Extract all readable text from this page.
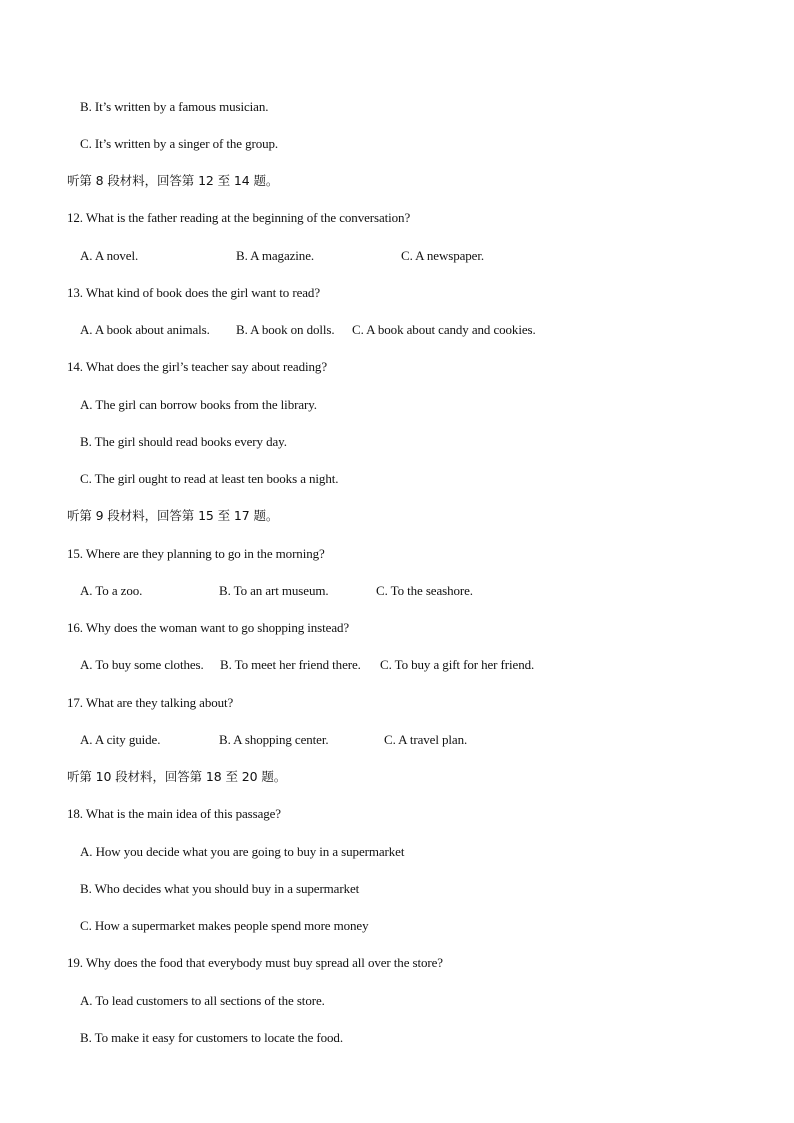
B. It’s written by a famous musician.
C. It’s written by a singer of the group.
听第 8 段材料，回答第 12 至 14 题。
12. What is the father reading at the beginning of the conversation?
A. A novel.	B. A magazine.	C. A newspaper.
13. What kind of book does the girl want to read?
A. A book about animals. B. A book on dolls. C. A book about candy and cookies.
14. What does the girl’s teacher say about reading?
A. The girl can borrow books from the library.
B. The girl should read books every day.
C. The girl ought to read at least ten books a night.
听第 9 段材料，回答第 15 至 17 题。
15. Where are they planning to go in the morning?
A. To a zoo.	B. To an art museum.	C. To the seashore.
16. Why does the woman want to go shopping instead?
A. To buy some clothes. B. To meet her friend there. C. To buy a gift for her friend.
17. What are they talking about?
A. A city guide.	B. A shopping center.	C. A travel plan.
听第 10 段材料，回答第 18 至 20 题。
18. What is the main idea of this passage?
A. How you decide what you are going to buy in a supermarket
B. Who decides what you should buy in a supermarket
C. How a supermarket makes people spend more money
19. Why does the food that everybody must buy spread all over the store?
A. To lead customers to all sections of the store.
B. To make it easy for customers to locate the food.
